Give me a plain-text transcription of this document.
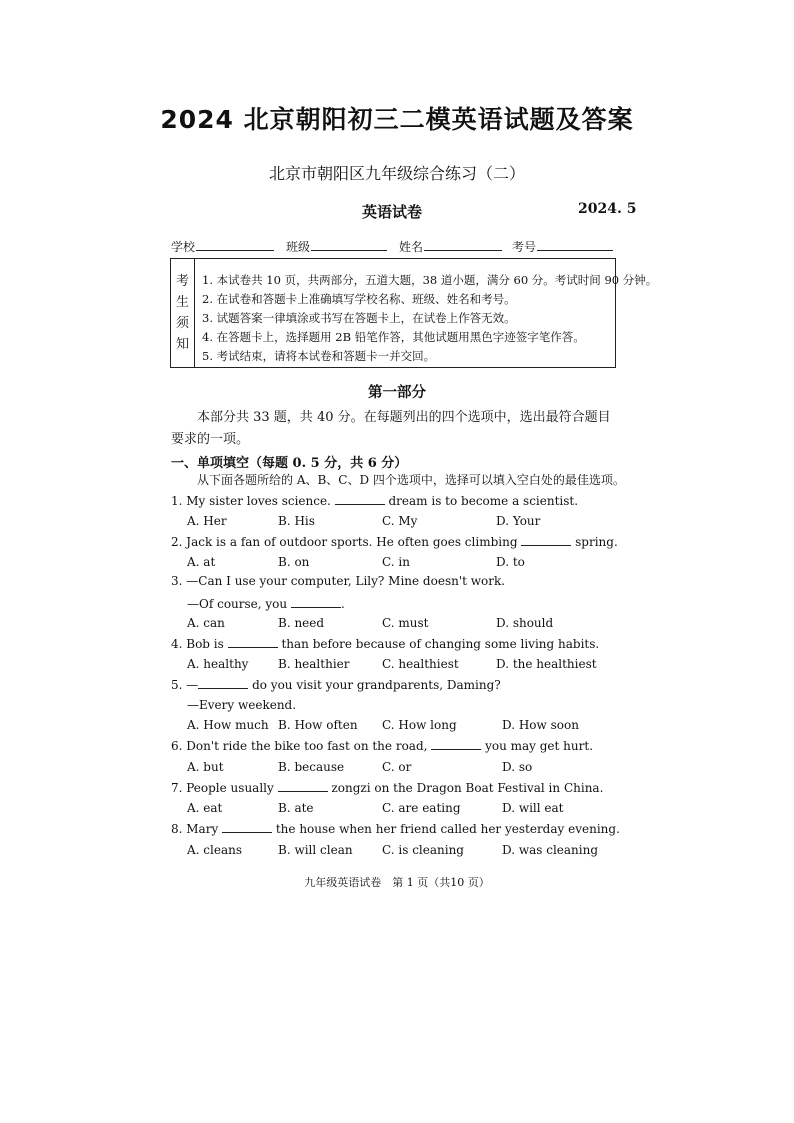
2024 北京朝阳初三二模英语试题及答案
北京市朝阳区九年级综合练习（二）
英语试卷	2024. 5
学校	班级	姓名	考号
考
生
须
知
1. 本试卷共 10 页，共两部分，五道大题，38 道小题，满分 60 分。考试时间 90 分钟。
2. 在试卷和答题卡上准确填写学校名称、班级、姓名和考号。
3. 试题答案一律填涂或书写在答题卡上，在试卷上作答无效。
4. 在答题卡上，选择题用 2B 铅笔作答，其他试题用黑色字迹签字笔作答。
5. 考试结束，请将本试卷和答题卡一并交回。
第一部分
本部分共 33 题，共 40 分。在每题列出的四个选项中，选出最符合题目要求的一项。
一、单项填空（每题 0. 5 分，共 6 分）
从下面各题所给的 A、B、C、D 四个选项中，选择可以填入空白处的最佳选项。
1. My sister loves science.	dream is to become a scientist.
A. Her	B. His	C. My	D. Your
2. Jack is a fan of outdoor sports. He often goes climbing	spring.
A. at	B. on	C. in	D. to
3. —Can I use your computer, Lily? Mine doesn't work.
—Of course, you	.
A. can	B. need	C. must	D. should
4. Bob is	than before because of changing some living habits.
A. healthy B. healthier	C. healthiest	D. the healthiest
5. —	do you visit your grandparents, Daming?
—Every weekend.
A. How much B. How often C. How long	D. How soon
6. Don't ride the bike too fast on the road,	you may get hurt.
A. but	B. because	C. or	D. so
7. People usually	zongzi on the Dragon Boat Festival in China.
A. eat	B. ate	C. are eating	D. will eat
8. Mary	the house when her friend called her yesterday evening.
A. cleans	B. will clean C. is cleaning	D. was cleaning
九年级英语试卷　第 1 页（共10 页）
